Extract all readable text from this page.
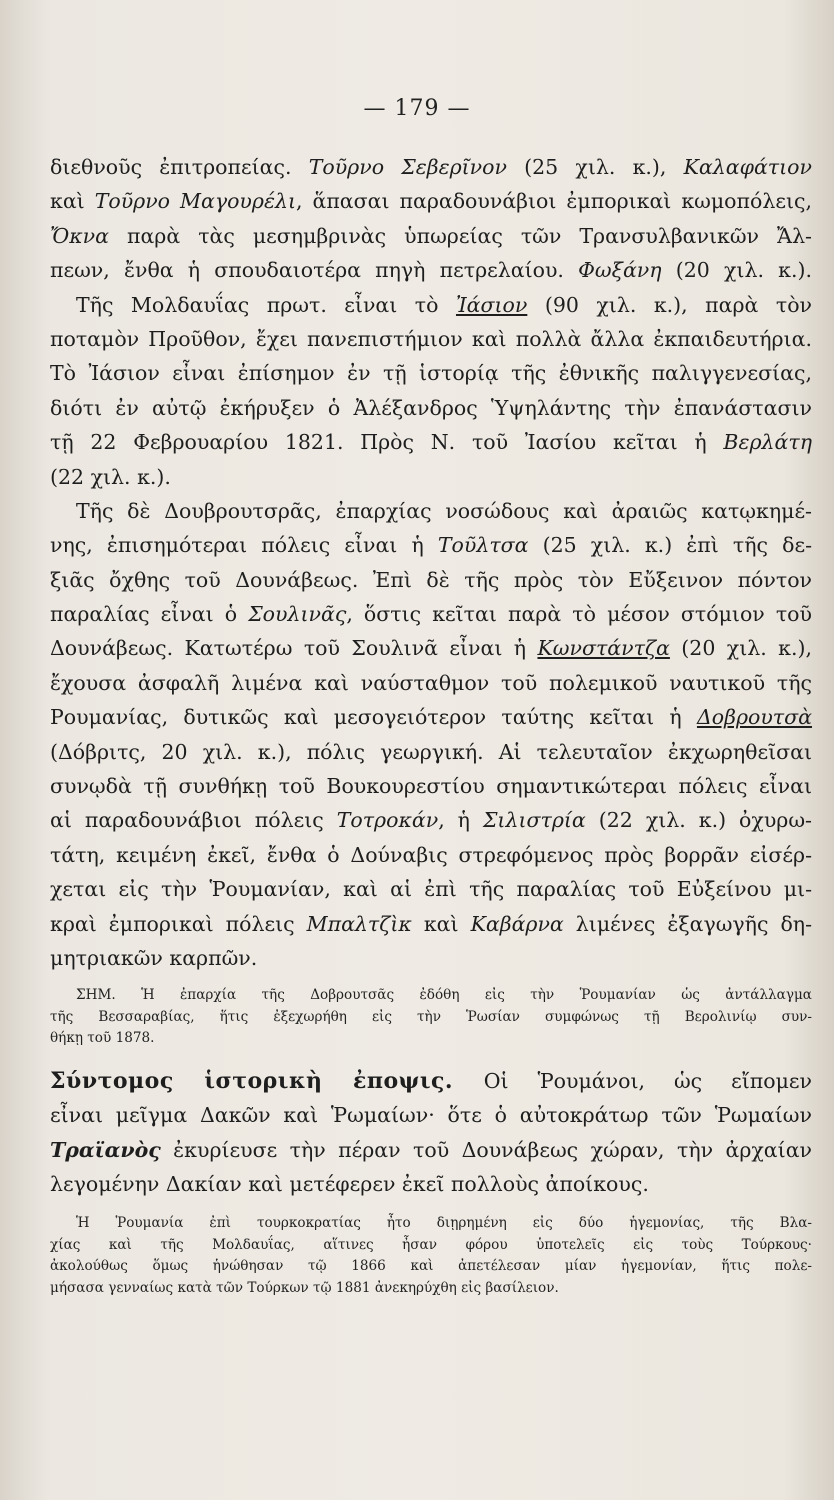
— 179 —
διεθνοῦς ἐπιτροπείας. Τοῦρνο Σεβερῖνον (25 χιλ. κ.), Καλαφάτιον
καὶ Τοῦρνο Μαγουρέλι, ἅπασαι παραδουνάβιοι ἐμπορικαὶ κωμοπόλεις,
Ὄκνα παρὰ τὰς μεσημβρινὰς ὑπωρείας τῶν Τρανσυλβανικῶν Ἄλ-
πεων, ἔνθα ἡ σπουδαιοτέρα πηγὴ πετρελαίου. Φωξάνη (20 χιλ. κ.).
Τῆς Μολδαυΐας πρωτ. εἶναι τὸ Ἰάσιον (90 χιλ. κ.), παρὰ τὸν
ποταμὸν Προῦθον, ἔχει πανεπιστήμιον καὶ πολλὰ ἄλλα ἐκπαιδευτήρια.
Τὸ Ἰάσιον εἶναι ἐπίσημον ἐν τῇ ἱστορίᾳ τῆς ἐθνικῆς παλιγγενεσίας,
διότι ἐν αὐτῷ ἐκήρυξεν ὁ Ἀλέξανδρος Ὑψηλάντης τὴν ἐπανάστασιν
τῇ 22 Φεβρουαρίου 1821. Πρὸς Ν. τοῦ Ἰασίου κεῖται ἡ Βερλάτη
(22 χιλ. κ.).
Τῆς δὲ Δουβρουτσρᾶς, ἐπαρχίας νοσώδους καὶ ἀραιῶς κατῳκημέ-
νης, ἐπισημότεραι πόλεις εἶναι ἡ Τοῦλτσα (25 χιλ. κ.) ἐπὶ τῆς δε-
ξιᾶς ὄχθης τοῦ Δουνάβεως. Ἐπὶ δὲ τῆς πρὸς τὸν Εὔξεινον πόντον
παραλίας εἶναι ὁ Σουλινᾶς, ὅστις κεῖται παρὰ τὸ μέσον στόμιον τοῦ
Δουνάβεως. Κατωτέρω τοῦ Σουλινᾶ εἶναι ἡ Κωνστάντζα (20 χιλ. κ.),
ἔχουσα ἀσφαλῆ λιμένα καὶ ναύσταθμον τοῦ πολεμικοῦ ναυτικοῦ τῆς
Ρουμανίας, δυτικῶς καὶ μεσογειότερον ταύτης κεῖται ἡ Δοβρουτσὰ
(Δόβριτς, 20 χιλ. κ.), πόλις γεωργική. Αἱ τελευταῖον ἐκχωρηθεῖσαι
συνῳδὰ τῇ συνθήκῃ τοῦ Βουκουρεστίου σημαντικώτεραι πόλεις εἶναι
αἱ παραδουνάβιοι πόλεις Τοτροκάν, ἡ Σιλιστρία (22 χιλ. κ.) ὀχυρω-
τάτη, κειμένη ἐκεῖ, ἔνθα ὁ Δούναβις στρεφόμενος πρὸς βορρᾶν εἰσέρ-
χεται εἰς τὴν Ῥουμανίαν, καὶ αἱ ἐπὶ τῆς παραλίας τοῦ Εὐξείνου μι-
κραὶ ἐμπορικαὶ πόλεις Μπαλτζὶκ καὶ Καβάρνα λιμένες ἐξαγωγῆς δη-
μητριακῶν καρπῶν.
ΣΗΜ. Ἡ ἐπαρχία τῆς Δοβρουτσᾶς ἐδόθη εἰς τὴν Ῥουμανίαν ὡς ἀντάλλαγμα
τῆς Βεσσαραβίας, ἥτις ἐξεχωρήθη εἰς τὴν Ῥωσίαν συμφώνως τῇ Βερολινίῳ συν-
θήκῃ τοῦ 1878.
Σύντομος ἱστορικὴ ἐποψις. Οἱ Ῥουμάνοι, ὡς εἴπομεν
εἶναι μεῖγμα Δακῶν καὶ Ῥωμαίων· ὅτε ὁ αὐτοκράτωρ τῶν Ῥωμαίων
Τραϊανὸς ἐκυρίευσε τὴν πέραν τοῦ Δουνάβεως χώραν, τὴν ἀρχαίαν
λεγομένην Δακίαν καὶ μετέφερεν ἐκεῖ πολλοὺς ἀποίκους.
Ἡ Ῥουμανία ἐπὶ τουρκοκρατίας ἦτο διῃρημένη εἰς δύο ἡγεμονίας, τῆς Βλα-
χίας καὶ τῆς Μολδαυΐας, αἵτινες ἦσαν φόρου ὑποτελεῖς εἰς τοὺς Τούρκους·
ἀκολούθως ὅμως ἡνώθησαν τῷ 1866 καὶ ἀπετέλεσαν μίαν ἡγεμονίαν, ἥτις πολε-
μήσασα γενναίως κατὰ τῶν Τούρκων τῷ 1881 ἀνεκηρύχθη εἰς βασίλειον.
